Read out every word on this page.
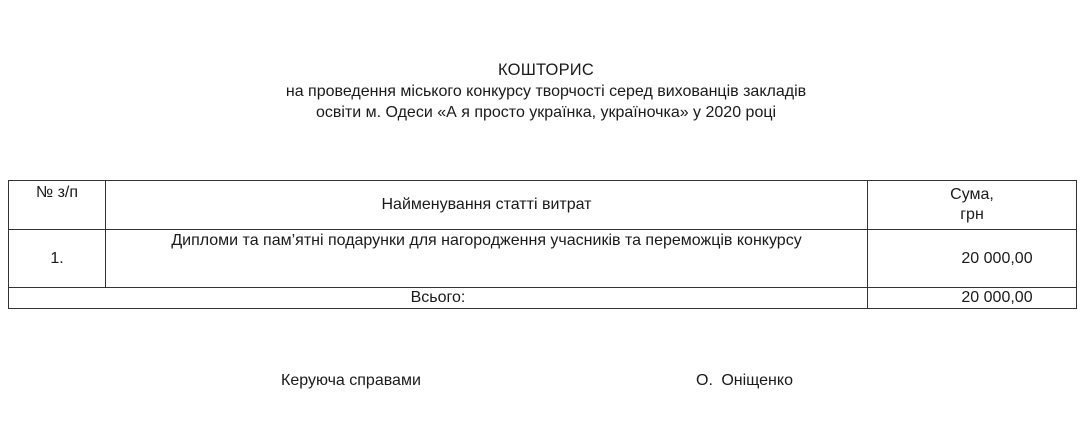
КОШТОРИС
на проведення міського конкурсу творчості серед вихованців закладів
освіти м. Одеси «А я просто українка, україночка» у 2020 році
№ з/п	Найменування статті витрат	Сума,
грн

1.	Дипломи та пам’ятні подарунки для нагородження учасників та переможців конкурсу	20 000,00
Всього:		20 000,00
Керуюча справами	О. Оніщенко
